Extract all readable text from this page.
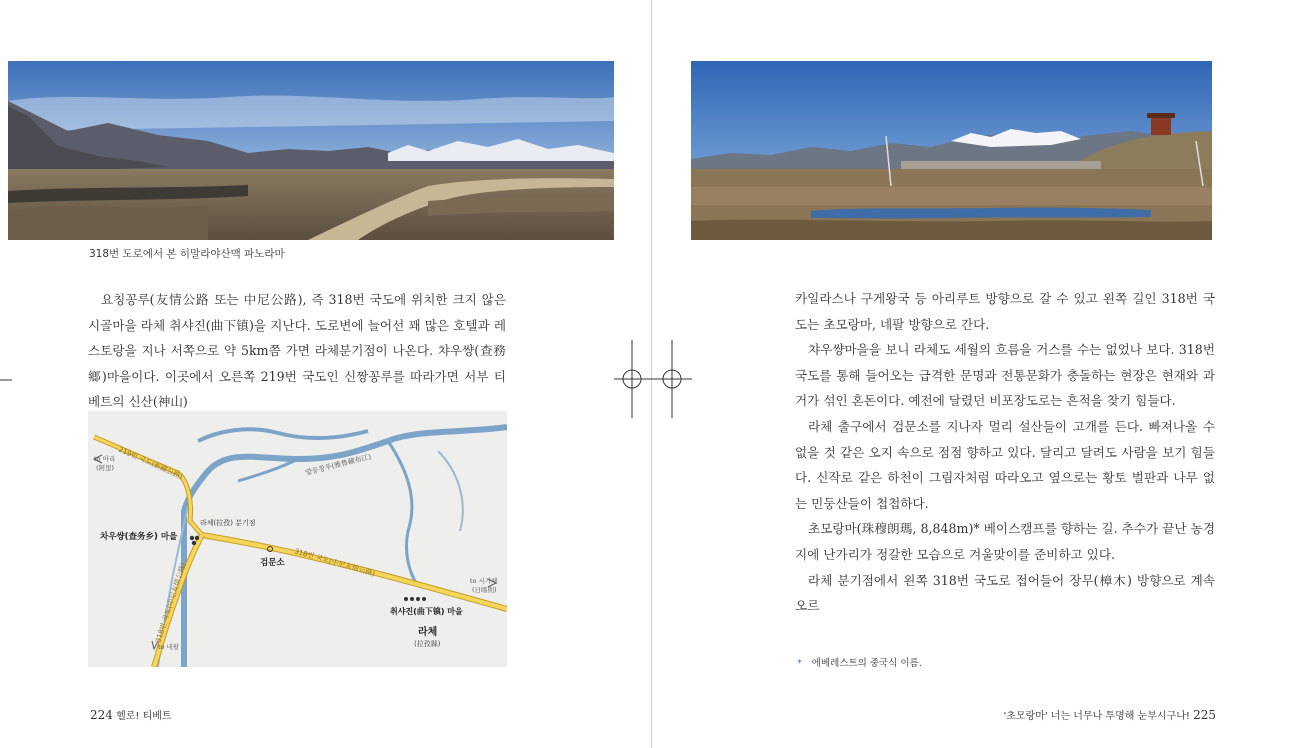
318번 도로에서 본 히말라야산맥 파노라마

요칭꽁루(友情公路 또는 中尼公路), 즉 318번 국도에 위치한 크지 않은 시골마을 라체 취샤진(曲下镇)을 지난다. 도로변에 늘어선 꽤 많은 호텔과 레스토랑을 지나 서쪽으로 약 5km쯤 가면 라체분기점이 나온다. 챠우썅(查務鄉)마을이다. 이곳에서 오른쪽 219번 국도인 신짱꽁루를 따라가면 서부 티베트의 신산(神山)

219번 국도(新藏公路)	얄룽창푸(雅鲁藏布江)
to 아리
(阿里)
라체(拉孜) 분기점
차우썅(查务乡) 마을
318번 국도(中尼友情公路)
검문소
318번 국도(中尼友情公路)	to 시가체
(日喀則)
취샤진(曲下镇) 마을
라체
(拉孜縣)
to 네팔

카일라스나 구게왕국 등 아리루트 방향으로 갈 수 있고 왼쪽 길인 318번 국도는 초모랑마, 네팔 방향으로 간다.

챠우썅마을을 보니 라체도 세월의 흐름을 거스를 수는 없었나 보다. 318번 국도를 통해 들어오는 급격한 문명과 전통문화가 충돌하는 현장은 현재와 과거가 섞인 혼돈이다. 예전에 달렸던 비포장도로는 흔적을 찾기 힘들다.

라체 출구에서 검문소를 지나자 멀리 설산들이 고개를 든다. 빠져나올 수 없을 것 같은 오지 속으로 점점 향하고 있다. 달리고 달려도 사람을 보기 힘들다. 신작로 같은 하천이 그림자처럼 따라오고 옆으로는 황토 벌판과 나무 없는 민둥산들이 첩첩하다.

초모랑마(珠穆朗瑪, 8,848m)* 베이스캠프를 향하는 길. 추수가 끝난 농경지에 난가리가 정갈한 모습으로 겨울맞이를 준비하고 있다.

라체 분기점에서 왼쪽 318번 국도로 접어들어 장무(樟木) 방향으로 계속 오르

* 에베레스트의 중국식 이름.
224 헬로! 티베트	'초모랑마' 너는 너무나 투명해 눈부시구나! 225
